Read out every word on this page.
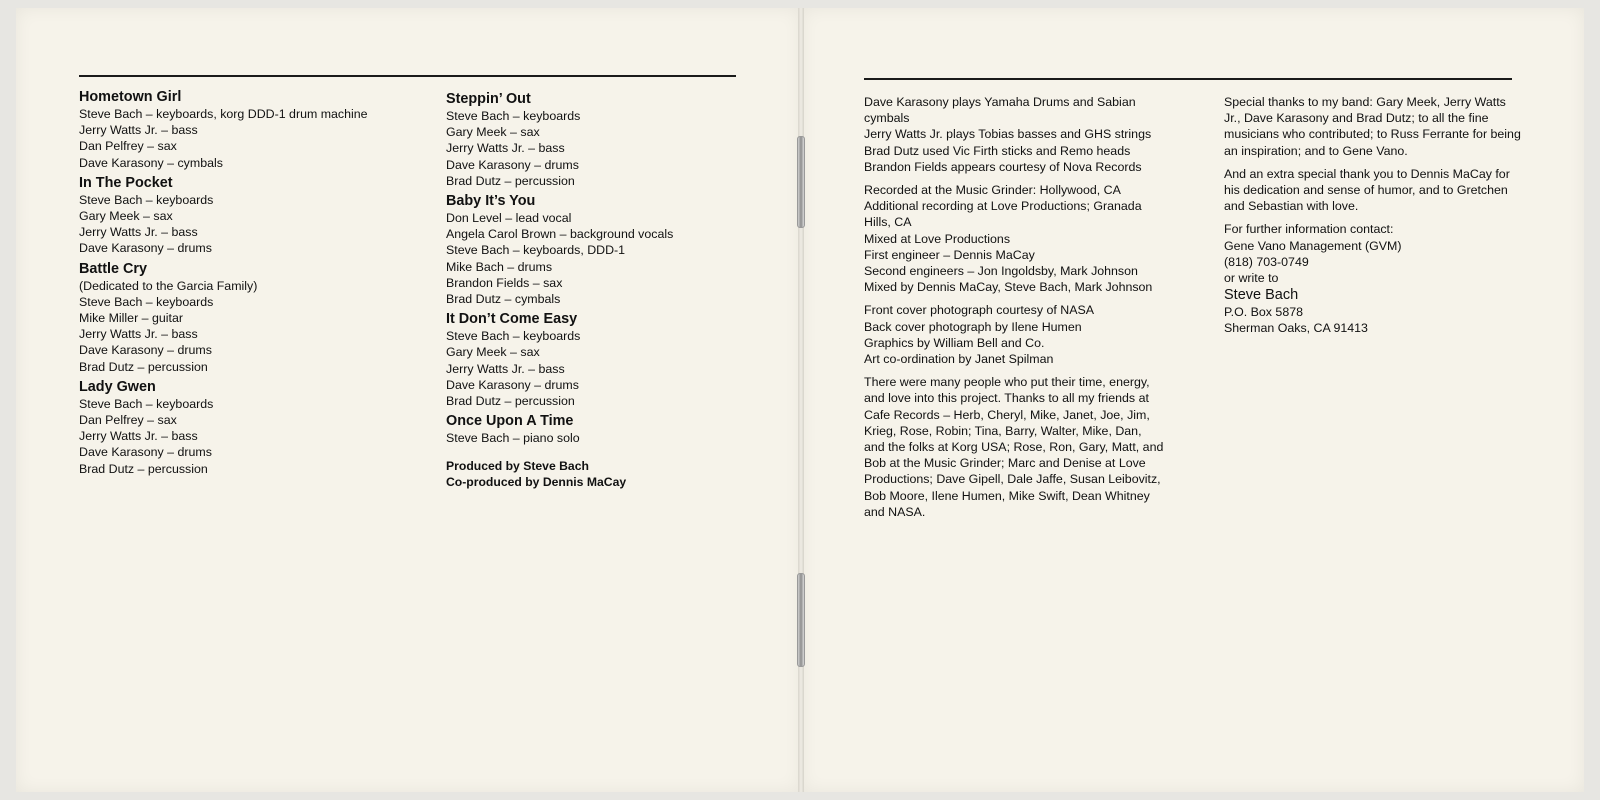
Hometown Girl
Steve Bach – keyboards, korg DDD-1 drum machine
Jerry Watts Jr. – bass
Dan Pelfrey – sax
Dave Karasony – cymbals
In The Pocket
Steve Bach – keyboards
Gary Meek – sax
Jerry Watts Jr. – bass
Dave Karasony – drums
Battle Cry
(Dedicated to the Garcia Family)
Steve Bach – keyboards
Mike Miller – guitar
Jerry Watts Jr. – bass
Dave Karasony – drums
Brad Dutz – percussion
Lady Gwen
Steve Bach – keyboards
Dan Pelfrey – sax
Jerry Watts Jr. – bass
Dave Karasony – drums
Brad Dutz – percussion
Steppin’ Out
Steve Bach – keyboards
Gary Meek – sax
Jerry Watts Jr. – bass
Dave Karasony – drums
Brad Dutz – percussion
Baby It’s You
Don Level – lead vocal
Angela Carol Brown – background vocals
Steve Bach – keyboards, DDD-1
Mike Bach – drums
Brandon Fields – sax
Brad Dutz – cymbals
It Don’t Come Easy
Steve Bach – keyboards
Gary Meek – sax
Jerry Watts Jr. – bass
Dave Karasony – drums
Brad Dutz – percussion
Once Upon A Time
Steve Bach – piano solo
Produced by Steve Bach
Co-produced by Dennis MaCay
Dave Karasony plays Yamaha Drums and Sabian cymbals
Jerry Watts Jr. plays Tobias basses and GHS strings
Brad Dutz used Vic Firth sticks and Remo heads
Brandon Fields appears courtesy of Nova Records
Recorded at the Music Grinder: Hollywood, CA
Additional recording at Love Productions; Granada Hills, CA
Mixed at Love Productions
First engineer – Dennis MaCay
Second engineers – Jon Ingoldsby, Mark Johnson
Mixed by Dennis MaCay, Steve Bach, Mark Johnson
Front cover photograph courtesy of NASA
Back cover photograph by Ilene Humen
Graphics by William Bell and Co.
Art co-ordination by Janet Spilman
There were many people who put their time, energy, and love into this project. Thanks to all my friends at Cafe Records – Herb, Cheryl, Mike, Janet, Joe, Jim, Krieg, Rose, Robin; Tina, Barry, Walter, Mike, Dan, and the folks at Korg USA; Rose, Ron, Gary, Matt, and Bob at the Music Grinder; Marc and Denise at Love Productions; Dave Gipell, Dale Jaffe, Susan Leibovitz, Bob Moore, Ilene Humen, Mike Swift, Dean Whitney and NASA.
Special thanks to my band: Gary Meek, Jerry Watts Jr., Dave Karasony and Brad Dutz; to all the fine musicians who contributed; to Russ Ferrante for being an inspiration; and to Gene Vano.
And an extra special thank you to Dennis MaCay for his dedication and sense of humor, and to Gretchen and Sebastian with love.
For further information contact:
Gene Vano Management (GVM)
(818) 703-0749
or write to
Steve Bach
P.O. Box 5878
Sherman Oaks, CA 91413
